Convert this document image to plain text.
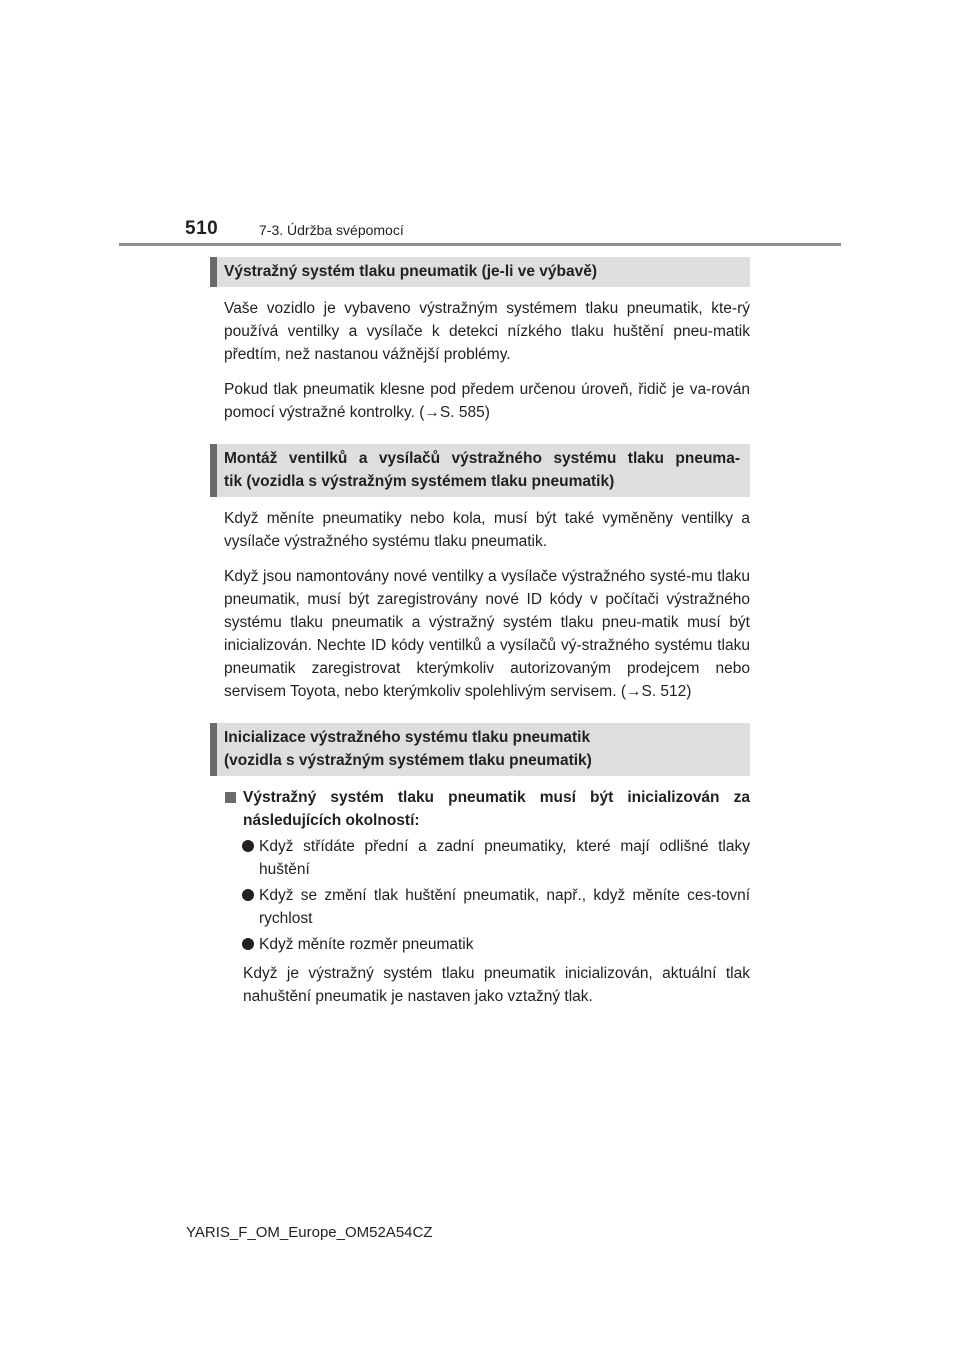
510	7-3. Údržba svépomocí
Výstražný systém tlaku pneumatik (je-li ve výbavě)

Vaše vozidlo je vybaveno výstražným systémem tlaku pneumatik, kte-rý používá ventilky a vysílače k detekci nízkého tlaku huštění pneu-matik předtím, než nastanou vážnější problémy.

Pokud tlak pneumatik klesne pod předem určenou úroveň, řidič je va-rován pomocí výstražné kontrolky. (→S. 585)

Montáž ventilků a vysílačů výstražného systému tlaku pneuma-
tik (vozidla s výstražným systémem tlaku pneumatik)

Když měníte pneumatiky nebo kola, musí být také vyměněny ventilky a vysílače výstražného systému tlaku pneumatik.

Když jsou namontovány nové ventilky a vysílače výstražného systé-mu tlaku pneumatik, musí být zaregistrovány nové ID kódy v počítači výstražného systému tlaku pneumatik a výstražný systém tlaku pneu-matik musí být inicializován. Nechte ID kódy ventilků a vysílačů vý-stražného systému tlaku pneumatik zaregistrovat kterýmkoliv autorizovaným prodejcem nebo servisem Toyota, nebo kterýmkoliv spolehlivým servisem. (→S. 512)

Inicializace výstražného systému tlaku pneumatik
(vozidla s výstražným systémem tlaku pneumatik)
Výstražný systém tlaku pneumatik musí být inicializován za následujících okolností:
Když střídáte přední a zadní pneumatiky, které mají odlišné tlaky huštění
Když se změní tlak huštění pneumatik, např., když měníte ces-tovní rychlost
Když měníte rozměr pneumatik
Když je výstražný systém tlaku pneumatik inicializován, aktuální tlak nahuštění pneumatik je nastaven jako vztažný tlak.
YARIS_F_OM_Europe_OM52A54CZ
